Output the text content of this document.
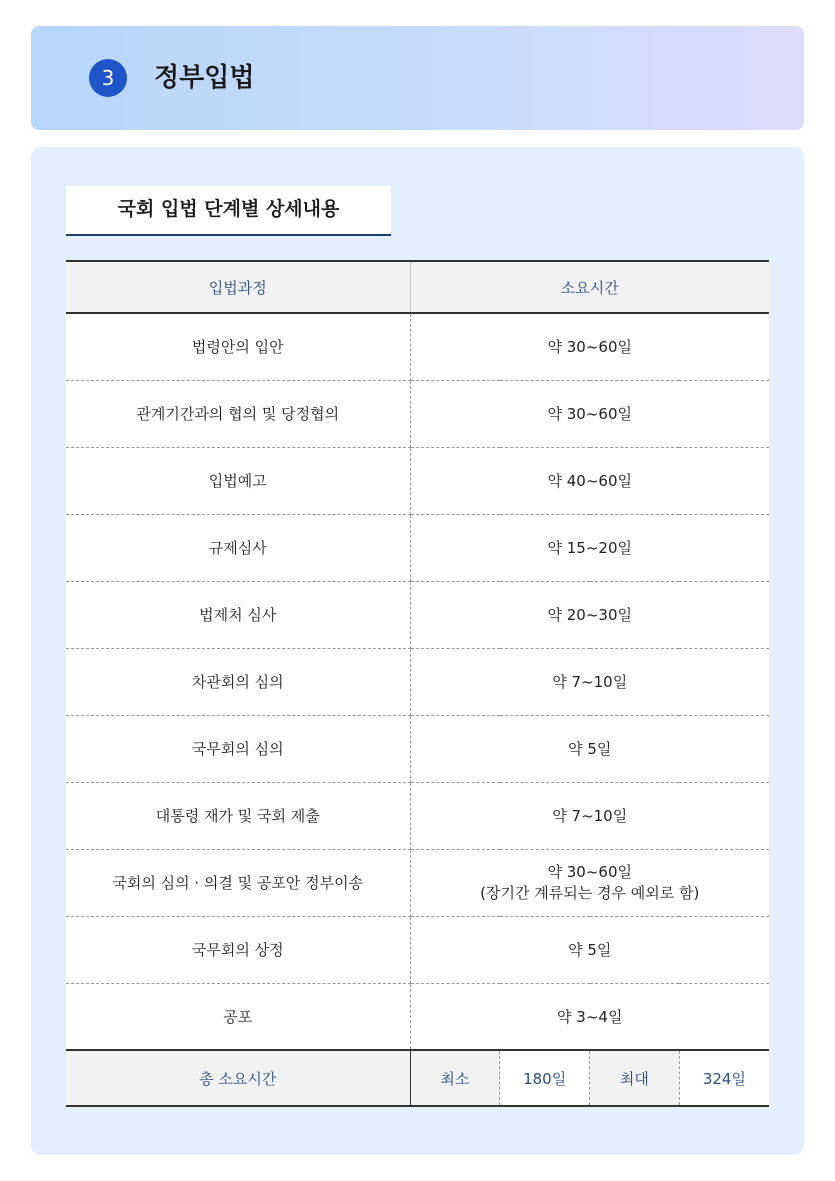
3	정부입법
국회 입법 단계별 상세내용
입법과정	소요시간			
법령안의 입안	약 30~60일			
관계기간과의 협의 및 당정협의	약 30~60일			
입법예고	약 40~60일			
규제심사	약 15~20일			
법제처 심사	약 20~30일			
차관회의 심의	약 7~10일			
국무회의 심의	약 5일			
대통령 재가 및 국회 제출	약 7~10일			
국회의 심의 · 의결 및 공포안 정부이송	약 30~60일
(장기간 계류되는 경우 예외로 함)			

국무회의 상정	약 5일			
공포	약 3~4일			
총 소요시간	최소	180일	최대	324일
